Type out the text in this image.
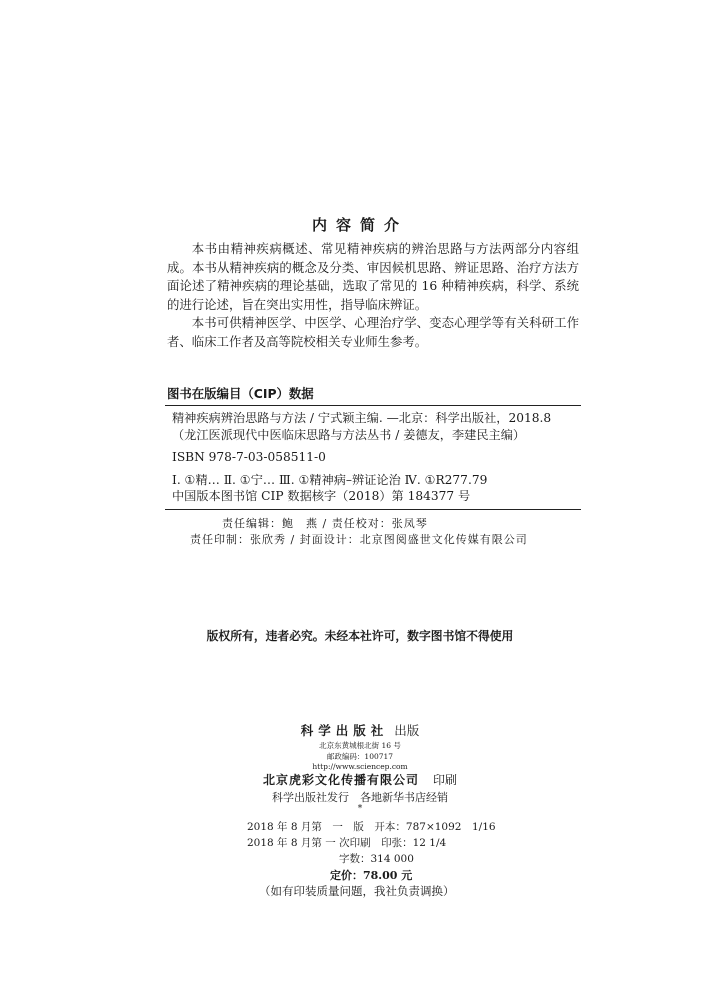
内容简介

本书由精神疾病概述、常见精神疾病的辨治思路与方法两部分内容组成。本书从精神疾病的概念及分类、审因候机思路、辨证思路、治疗方法方面论述了精神疾病的理论基础，选取了常见的 16 种精神疾病，科学、系统的进行论述，旨在突出实用性，指导临床辨证。

本书可供精神医学、中医学、心理治疗学、变态心理学等有关科研工作者、临床工作者及高等院校相关专业师生参考。

图书在版编目（CIP）数据
精神疾病辨治思路与方法 / 宁式颖主编. —北京：科学出版社，2018.8
（龙江医派现代中医临床思路与方法丛书 / 姜德友，李建民主编）
ISBN 978-7-03-058511-0
Ⅰ. ①精… Ⅱ. ①宁… Ⅲ. ①精神病–辨证论治 Ⅳ. ①R277.79
中国版本图书馆 CIP 数据核字（2018）第 184377 号
责任编辑：鲍　燕 / 责任校对：张凤琴
责任印制：张欣秀 / 封面设计：北京图阅盛世文化传媒有限公司
版权所有，违者必究。未经本社许可，数字图书馆不得使用
科学出版社 出版
北京东黄城根北街 16 号
邮政编码：100717
http://www.sciencep.com
北京虎彩文化传播有限公司 印刷
科学出版社发行　各地新华书店经销
*
2018 年 8 月第　一　版　开本：787×1092　1/16
2018 年 8 月第 一 次印刷　印张：12 1/4
字数：314 000
定价：78.00 元
（如有印装质量问题，我社负责调换）
